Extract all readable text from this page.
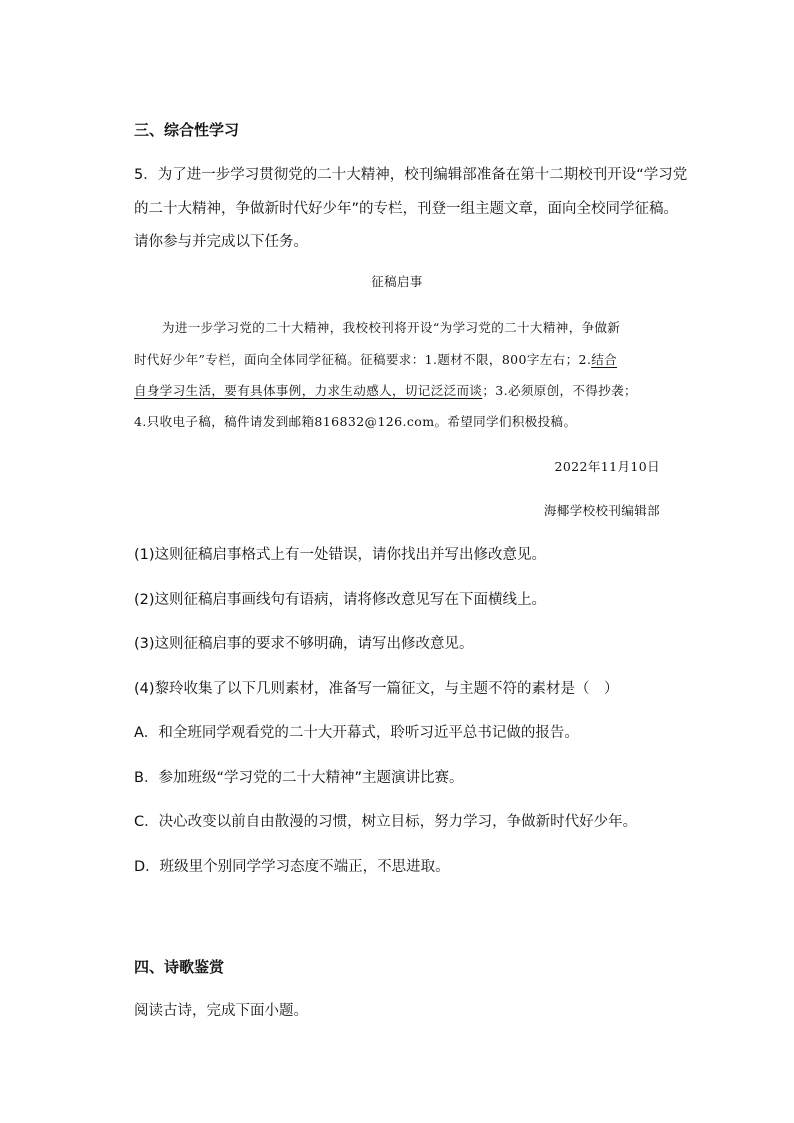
三、综合性学习
5．为了进一步学习贯彻党的二十大精神，校刊编辑部准备在第十二期校刊开设“学习党
的二十大精神，争做新时代好少年”的专栏，刊登一组主题文章，面向全校同学征稿。
请你参与并完成以下任务。
征稿启事
为进一步学习党的二十大精神，我校校刊将开设“为学习党的二十大精神，争做新
时代好少年”专栏，面向全体同学征稿。征稿要求：1.题材不限，800字左右；2.结合
自身学习生活，要有具体事例，力求生动感人，切记泛泛而谈；3.必须原创，不得抄袭；
4.只收电子稿，稿件请发到邮箱816832@126.com。希望同学们积极投稿。
2022年11月10日
海椰学校校刊编辑部
(1)这则征稿启事格式上有一处错误，请你找出并写出修改意见。
(2)这则征稿启事画线句有语病，请将修改意见写在下面横线上。
(3)这则征稿启事的要求不够明确，请写出修改意见。
(4)黎玲收集了以下几则素材，准备写一篇征文，与主题不符的素材是（　）
A．和全班同学观看党的二十大开幕式，聆听习近平总书记做的报告。
B．参加班级“学习党的二十大精神”主题演讲比赛。
C．决心改变以前自由散漫的习惯，树立目标，努力学习，争做新时代好少年。
D．班级里个别同学学习态度不端正，不思进取。
四、诗歌鉴赏
阅读古诗，完成下面小题。
